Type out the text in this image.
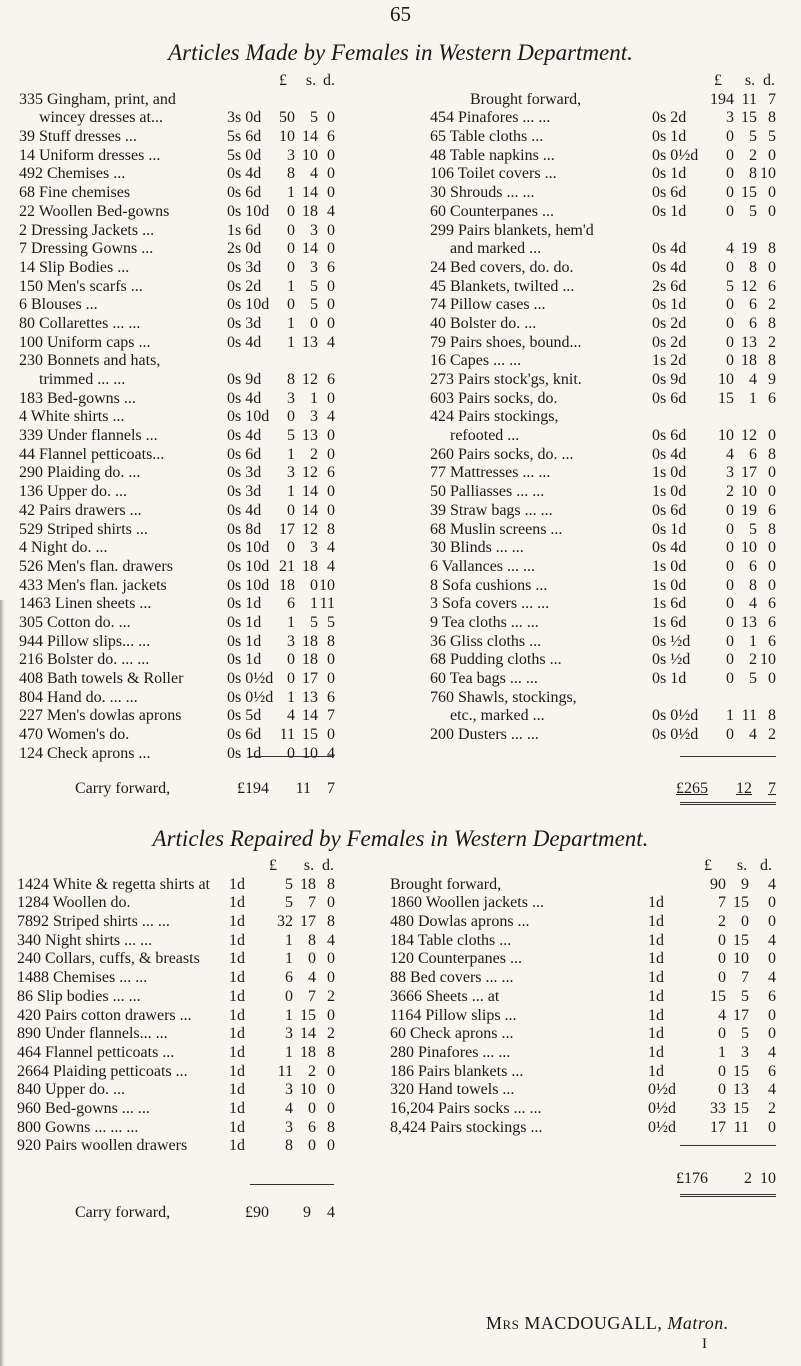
65
Articles Made by Females in Western Department.
£	s. d.
335 Gingham, print, and
wincey dresses at...	3s 0d	50 5 0
39 Stuff dresses ...	5s 6d	10 14 6
14 Uniform dresses ...	5s 0d	3 10 0
492 Chemises ...	0s 4d	8 4 0
68 Fine chemises	0s 6d	1 14 0
22 Woollen Bed-gowns	0s 10d	0 18 4
2 Dressing Jackets ...	1s 6d	0 3 0
7 Dressing Gowns ...	2s 0d	0 14 0
14 Slip Bodies ...	0s 3d	0 3 6
150 Men's scarfs ...	0s 2d	1 5 0
6 Blouses ...	0s 10d	0 5 0
80 Collarettes ... ...	0s 3d	1 0 0
100 Uniform caps ...	0s 4d	1 13 4
230 Bonnets and hats,
trimmed ... ...	0s 9d	8 12 6
183 Bed-gowns ...	0s 4d	3 1 0
4 White shirts ...	0s 10d	0 3 4
339 Under flannels ...	0s 4d	5 13 0
44 Flannel petticoats...	0s 6d	1 2 0
290 Plaiding do. ...	0s 3d	3 12 6
136 Upper do. ...	0s 3d	1 14 0
42 Pairs drawers ...	0s 4d	0 14 0
529 Striped shirts ...	0s 8d	17 12 8
4 Night do. ...	0s 10d	0 3 4
526 Men's flan. drawers	0s 10d 21 18 4
433 Men's flan. jackets	0s 10d 18 0 10
1463 Linen sheets ...	0s 1d	6 1 11
305 Cotton do. ...	0s 1d	1 5 5
944 Pillow slips... ...	0s 1d	3 18 8
216 Bolster do. ... ...	0s 1d	0 18 0
408 Bath towels & Roller	0s 0½d 0 17 0
804 Hand do. ... ...	0s 0½d 1 13 6
227 Men's dowlas aprons	0s 5d	4 14 7
470 Women's do.	0s 6d	11 15 0
124 Check aprons ...	0s 1d	0 10 4
£	s. d.
Brought forward,	194 11 7
454 Pinafores ... ...	0s 2d	3 15 8
65 Table cloths ...	0s 1d	0 5 5
48 Table napkins ...	0s 0½d	0 2 0
106 Toilet covers ...	0s 1d	0 8 10
30 Shrouds ... ...	0s 6d	0 15 0
60 Counterpanes ...	0s 1d	0 5 0
299 Pairs blankets, hem'd
and marked ...	0s 4d	4 19 8
24 Bed covers, do. do.	0s 4d	0 8 0
45 Blankets, twilted ...	2s 6d	5 12 6
74 Pillow cases ...	0s 1d	0 6 2
40 Bolster do. ...	0s 2d	0 6 8
79 Pairs shoes, bound...	0s 2d	0 13 2
16 Capes ... ...	1s 2d	0 18 8
273 Pairs stock'gs, knit.	0s 9d	10 4 9
603 Pairs socks, do.	0s 6d	15 1 6
424 Pairs stockings,
refooted ...	0s 6d	10 12 0
260 Pairs socks, do. ...	0s 4d	4 6 8
77 Mattresses ... ...	1s 0d	3 17 0
50 Palliasses ... ...	1s 0d	2 10 0
39 Straw bags ... ...	0s 6d	0 19 6
68 Muslin screens ...	0s 1d	0 5 8
30 Blinds ... ...	0s 4d	0 10 0
6 Vallances ... ...	1s 0d	0 6 0
8 Sofa cushions ...	1s 0d	0 8 0
3 Sofa covers ... ...	1s 6d	0 4 6
9 Tea cloths ... ...	1s 6d	0 13 6
36 Gliss cloths ...	0s ½d	0 1 6
68 Pudding cloths ...	0s ½d	0 2 10
60 Tea bags ... ...	0s 1d	0 5 0
760 Shawls, stockings,
etc., marked ...	0s 0½d	1 11 8
200 Dusters ... ...	0s 0½d	0 4 2
Carry forward,	£194 11 7	£265 12 7
Articles Repaired by Females in Western Department.
£	s. d.
1424 White & regetta shirts at	1d	5 18 8
1284 Woollen do.	1d	5 7 0
7892 Striped shirts ... ...	1d	32 17 8
340 Night shirts ... ...	1d	1 8 4
240 Collars, cuffs, & breasts	1d	1 0 0
1488 Chemises ... ...	1d	6 4 0
86 Slip bodies ... ...	1d	0 7 2
420 Pairs cotton drawers ...	1d	1 15 0
890 Under flannels... ...	1d	3 14 2
464 Flannel petticoats ...	1d	1 18 8
2664 Plaiding petticoats ...	1d	11 2 0
840 Upper do. ...	1d	3 10 0
960 Bed-gowns ... ...	1d	4 0 0
800 Gowns ... ... ...	1d	3 6 8
920 Pairs woollen drawers	1d	8 0 0
£	s. d.
Brought forward,	90 9	4
1860 Woollen jackets ...	1d	7 15	0
480 Dowlas aprons ...	1d	2 0	0
184 Table cloths ...	1d	0 15	4
120 Counterpanes ...	1d	0 10	0
88 Bed covers ... ...	1d	0 7	4
3666 Sheets ... at	1d	15 5	6
1164 Pillow slips ...	1d	4 17	0
60 Check aprons ...	1d	0 5	0
280 Pinafores ... ...	1d	1 3	4
186 Pairs blankets ...	1d	0 15	6
320 Hand towels ...	0½d	0 13	4
16,204 Pairs socks ... ...	0½d	33 15	2
8,424 Pairs stockings ...	0½d	17 11	0
Carry forward,	£90 9 4
£176 2 10
Mrs MACDOUGALL, Matron.
I
